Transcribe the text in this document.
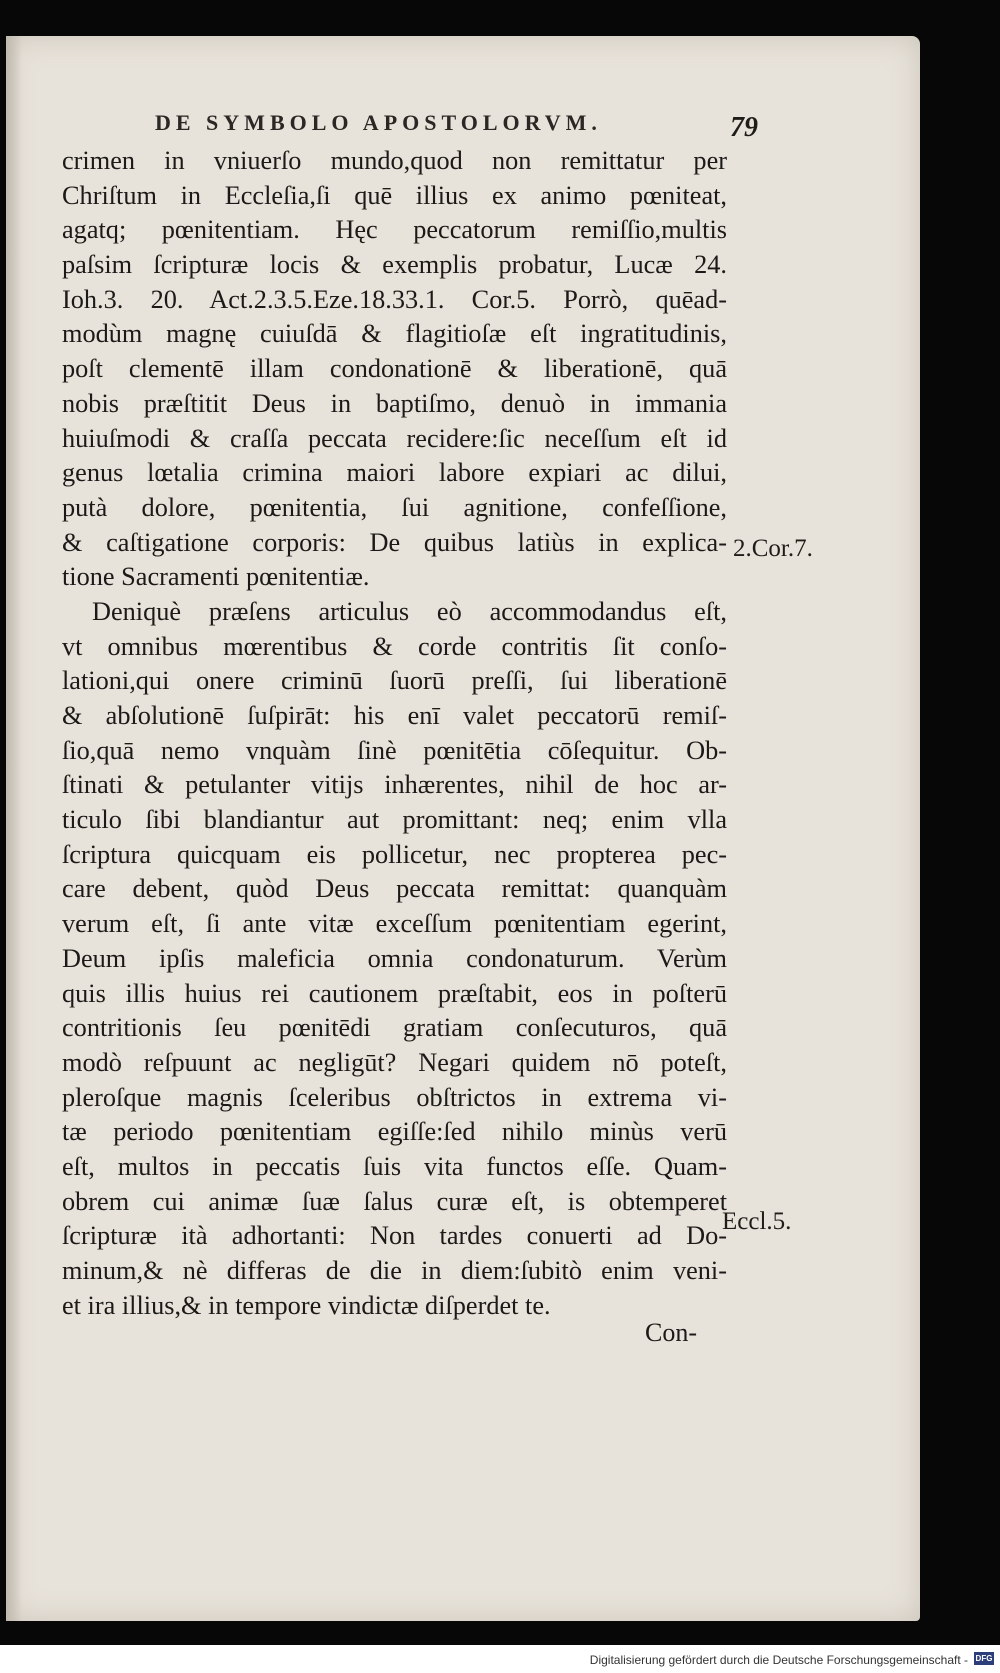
DE SYMBOLO APOSTOLORVM.	79
crimen in vniuerſo mundo,quod non remittatur per
Chriſtum in Eccleſia,ſi quē illius ex animo pœniteat,
agatq; pœnitentiam. Hęc peccatorum remiſſio,multis
paſsim ſcripturæ locis & exemplis probatur, Lucæ 24.
Ioh.3. 20. Act.2.3.5.Eze.18.33.1. Cor.5. Porrò, quēad-
modùm magnę cuiuſdā & flagitioſæ eſt ingratitudinis,
poſt clementē illam condonationē & liberationē, quā
nobis præſtitit Deus in baptiſmo, denuò in immania
huiuſmodi & craſſa peccata recidere:ſic neceſſum eſt id
genus lœtalia crimina maiori labore expiari ac dilui,
putà dolore, pœnitentia, ſui agnitione, confeſſione,
& caſtigatione corporis: De quibus latiùs in explica-
tione Sacramenti pœnitentiæ.
Deniquè præſens articulus eò accommodandus eſt,
vt omnibus mœrentibus & corde contritis ſit conſo-
lationi,qui onere criminū ſuorū preſſi, ſui liberationē
& abſolutionē ſuſpirāt: his enī valet peccatorū remiſ-
ſio,quā nemo vnquàm ſinè pœnitētia cōſequitur. Ob-
ſtinati & petulanter vitijs inhærentes, nihil de hoc ar-
ticulo ſibi blandiantur aut promittant: neq; enim vlla
ſcriptura quicquam eis pollicetur, nec propterea pec-
care debent, quòd Deus peccata remittat: quanquàm
verum eſt, ſi ante vitæ exceſſum pœnitentiam egerint,
Deum ipſis maleficia omnia condonaturum. Verùm
quis illis huius rei cautionem præſtabit, eos in poſterū
contritionis ſeu pœnitēdi gratiam conſecuturos, quā
modò reſpuunt ac negligūt? Negari quidem nō poteſt,
pleroſque magnis ſceleribus obſtrictos in extrema vi-
tæ periodo pœnitentiam egiſſe:ſed nihilo minùs verū
eſt, multos in peccatis ſuis vita functos eſſe. Quam-
obrem cui animæ ſuæ ſalus curæ eſt, is obtemperet
ſcripturæ ità adhortanti: Non tardes conuerti ad Do-
minum,& nè differas de die in diem:ſubitò enim veni-
et ira illius,& in tempore vindictæ diſperdet te.
2.Cor.7.
Eccl.5.
Con-
Digitalisierung gefördert durch die Deutsche Forschungsgemeinschaft - DFG
